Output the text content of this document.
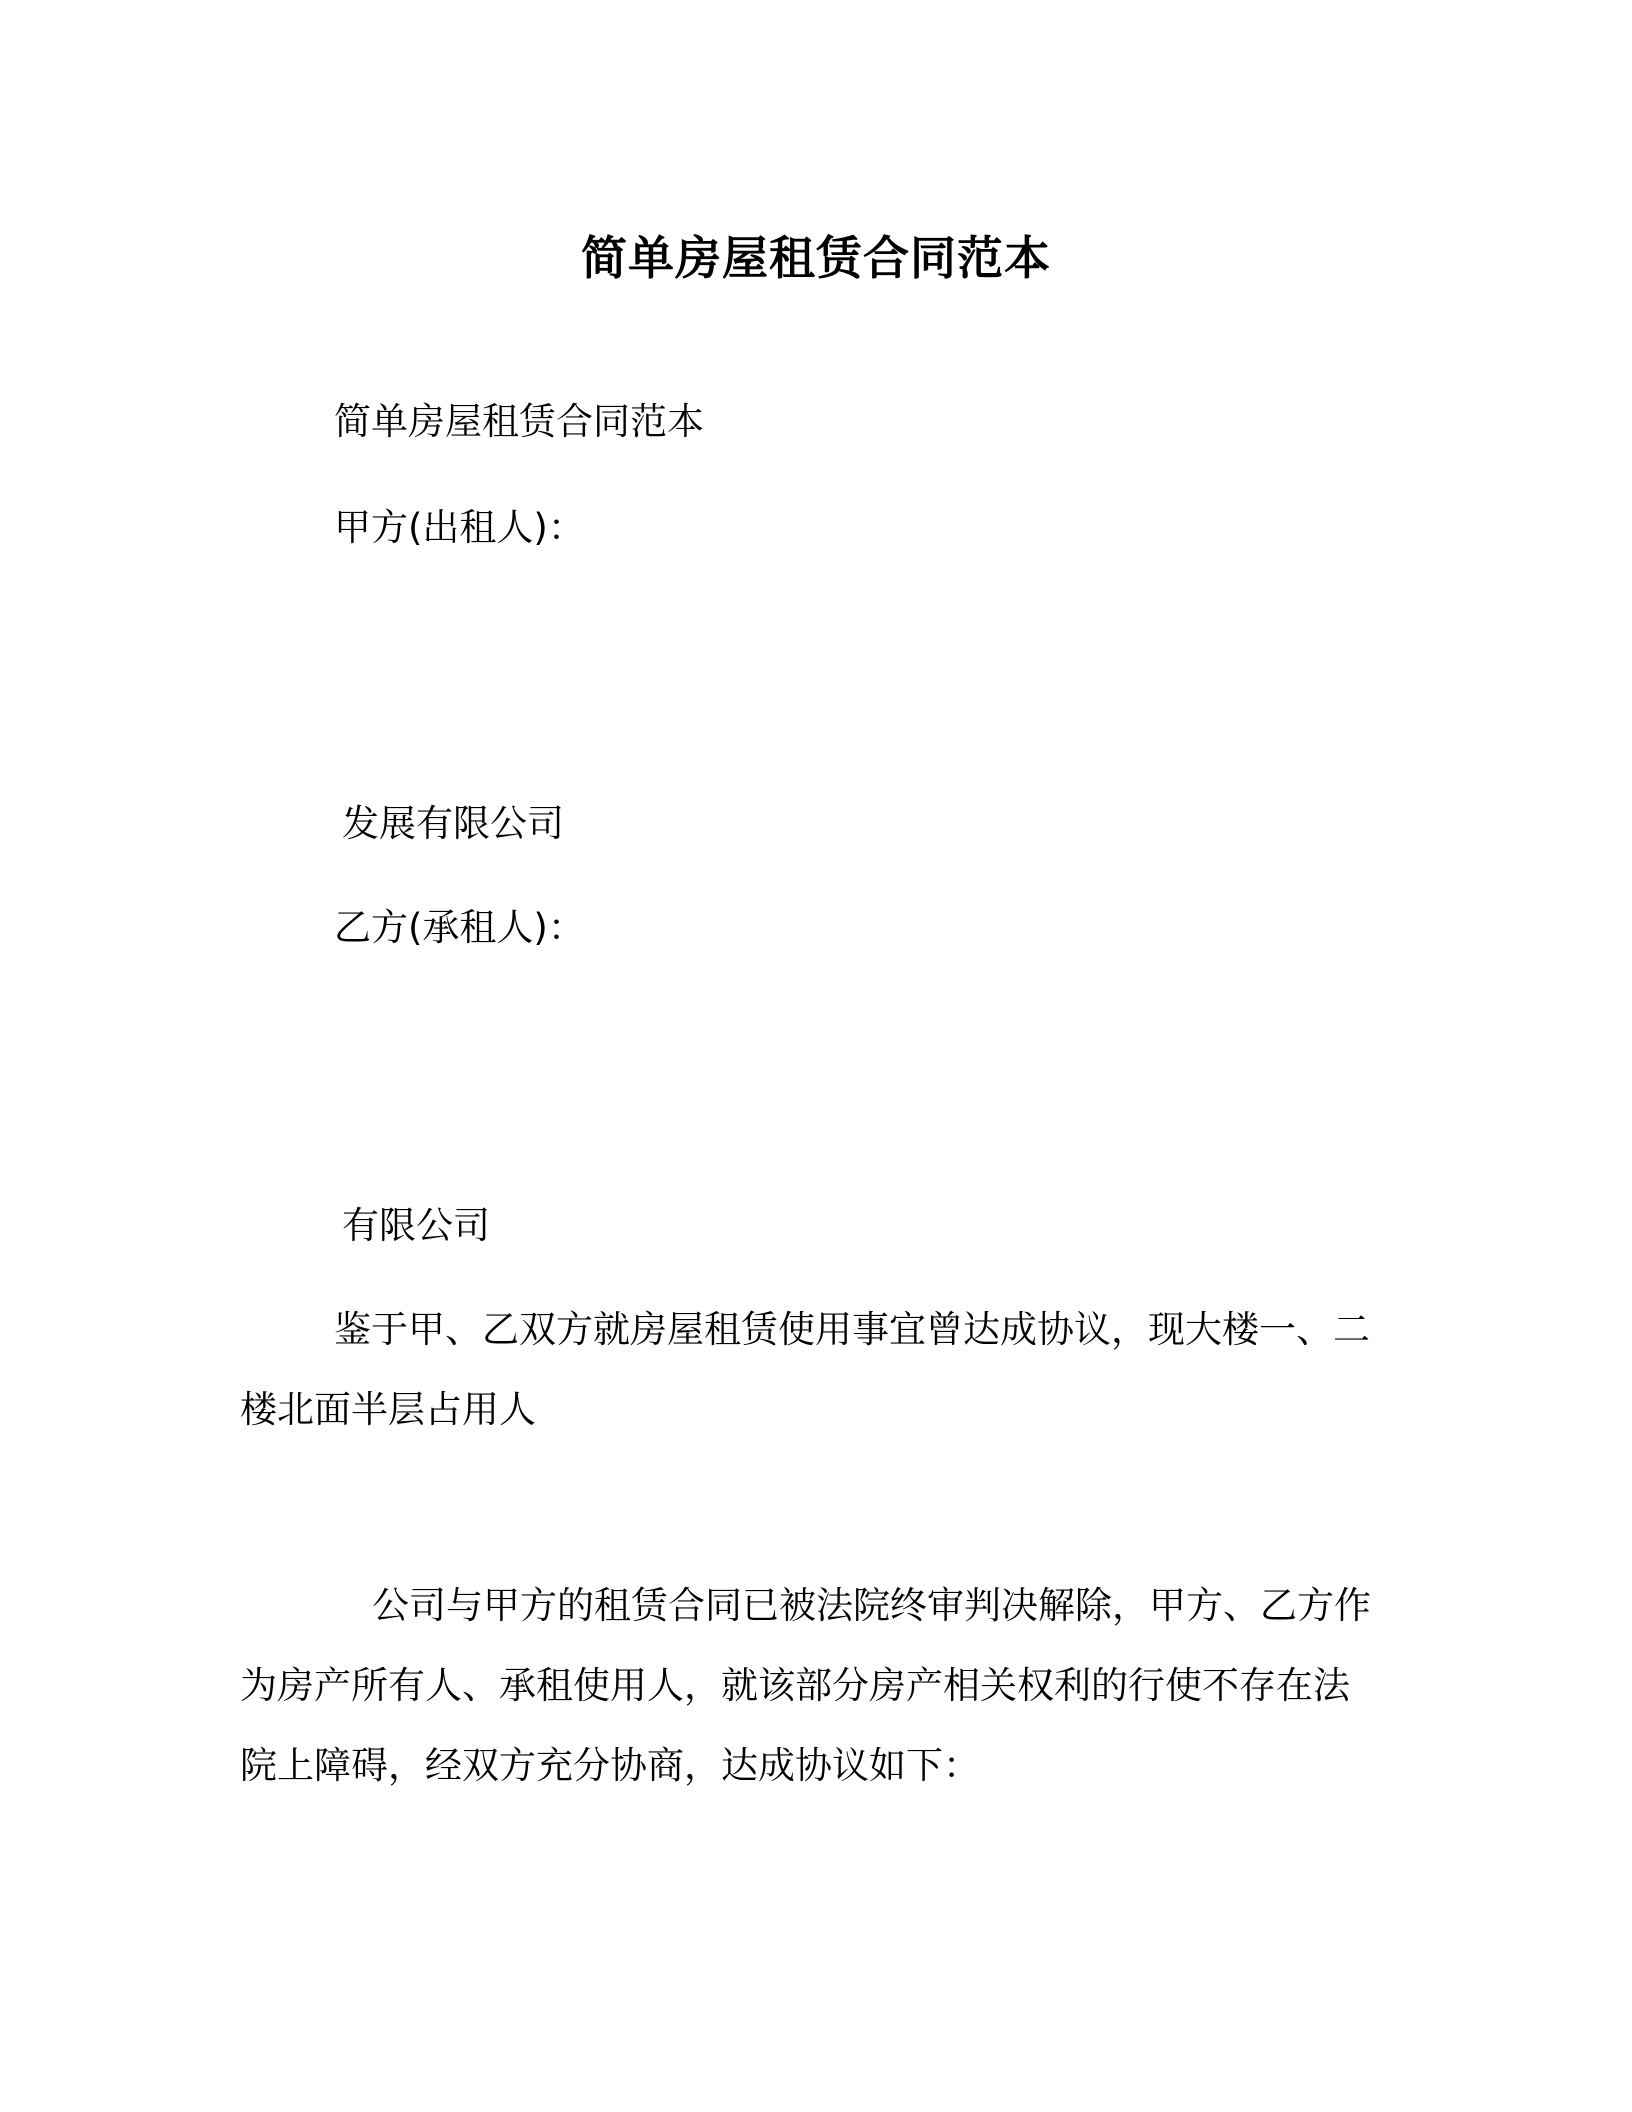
简单房屋租赁合同范本

简单房屋租赁合同范本

甲方(出租人)：

发展有限公司

乙方(承租人)：

有限公司

鉴于甲、乙双方就房屋租赁使用事宜曾达成协议，现大楼一、二

楼北面半层占用人

公司与甲方的租赁合同已被法院终审判决解除，甲方、乙方作

为房产所有人、承租使用人，就该部分房产相关权利的行使不存在法

院上障碍，经双方充分协商，达成协议如下：
